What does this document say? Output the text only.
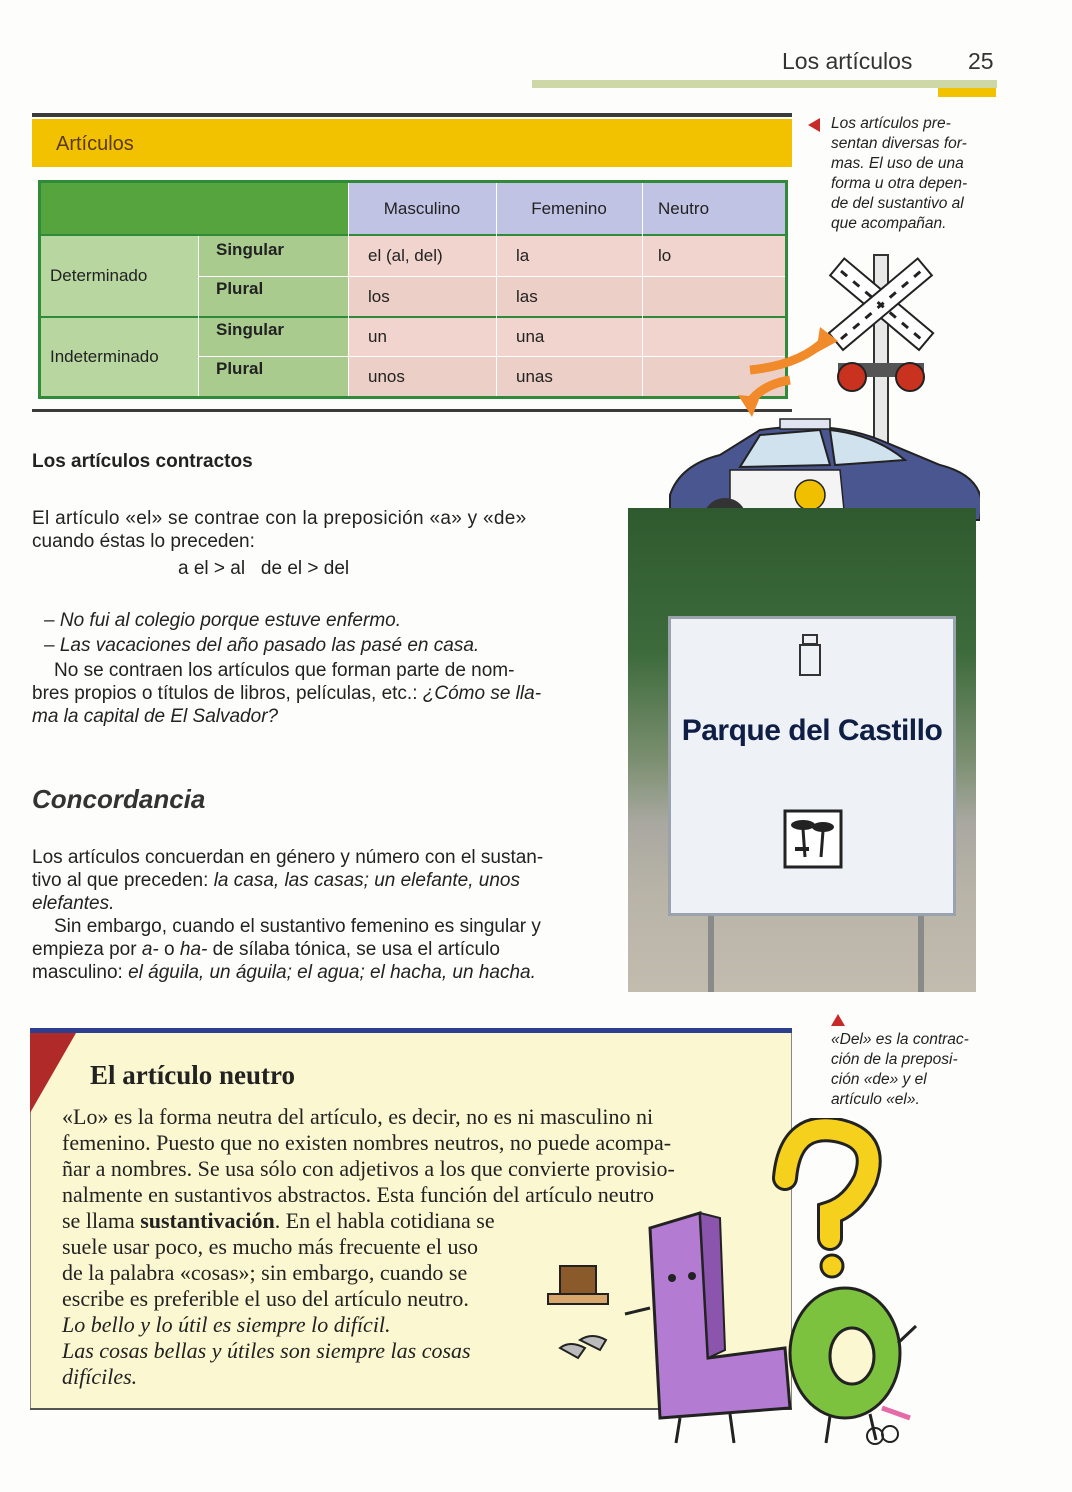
Los artículos 25
Artículos
Masculino	Femenino	Neutro
Determinado
Singular	el (al, del)	la	lo
Plural	los	las
Indeterminado
Singular	un	una
Plural	unos	unas
Los artículos pre-
sentan diversas for-
mas. El uso de una
forma u otra depen-
de del sustantivo al
que acompañan.
Los artículos contractos
El artículo «el» se contrae con la preposición «a» y «de»
cuando éstas lo preceden:
a el > al   de el > del
– No fui al colegio porque estuve enfermo.
– Las vacaciones del año pasado las pasé en casa.
No se contraen los artículos que forman parte de nom-
bres propios o títulos de libros, películas, etc.: ¿Cómo se lla-
ma la capital de El Salvador?
Concordancia
Los artículos concuerdan en género y número con el sustan-
tivo al que preceden: la casa, las casas; un elefante, unos
elefantes.
Sin embargo, cuando el sustantivo femenino es singular y
empieza por a- o ha- de sílaba tónica, se usa el artículo
masculino: el águila, un águila; el agua; el hacha, un hacha.
Parque del Castillo
«Del» es la contrac-
ción de la preposi-
ción «de» y el
artículo «el».
El artículo neutro
«Lo» es la forma neutra del artículo, es decir, no es ni masculino ni
femenino. Puesto que no existen nombres neutros, no puede acompa-
ñar a nombres. Se usa sólo con adjetivos a los que convierte provisio-
nalmente en sustantivos abstractos. Esta función del artículo neutro
se llama sustantivación. En el habla cotidiana se
suele usar poco, es mucho más frecuente el uso
de la palabra «cosas»; sin embargo, cuando se
escribe es preferible el uso del artículo neutro.
Lo bello y lo útil es siempre lo difícil.
Las cosas bellas y útiles son siempre las cosas
difíciles.
